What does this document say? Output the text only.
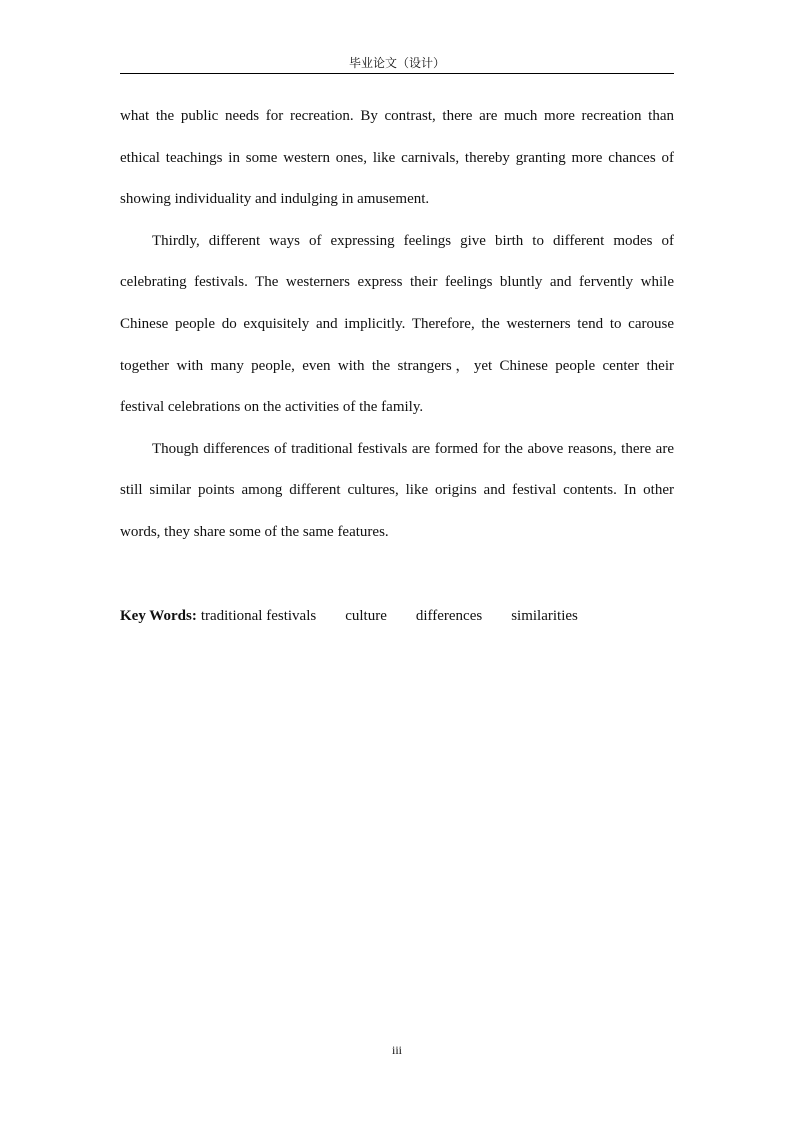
毕业论文（设计）

what the public needs for recreation. By contrast, there are much more recreation than ethical teachings in some western ones, like carnivals, thereby granting more chances of showing individuality and indulging in amusement.

Thirdly, different ways of expressing feelings give birth to different modes of celebrating festivals. The westerners express their feelings bluntly and fervently while Chinese people do exquisitely and implicitly. Therefore, the westerners tend to carouse together with many people, even with the strangers，yet Chinese people center their festival celebrations on the activities of the family.

Though differences of traditional festivals are formed for the above reasons, there are still similar points among different cultures, like origins and festival contents. In other words, they share some of the same features.

Key Words: traditional festivals culture differences similarities
iii
